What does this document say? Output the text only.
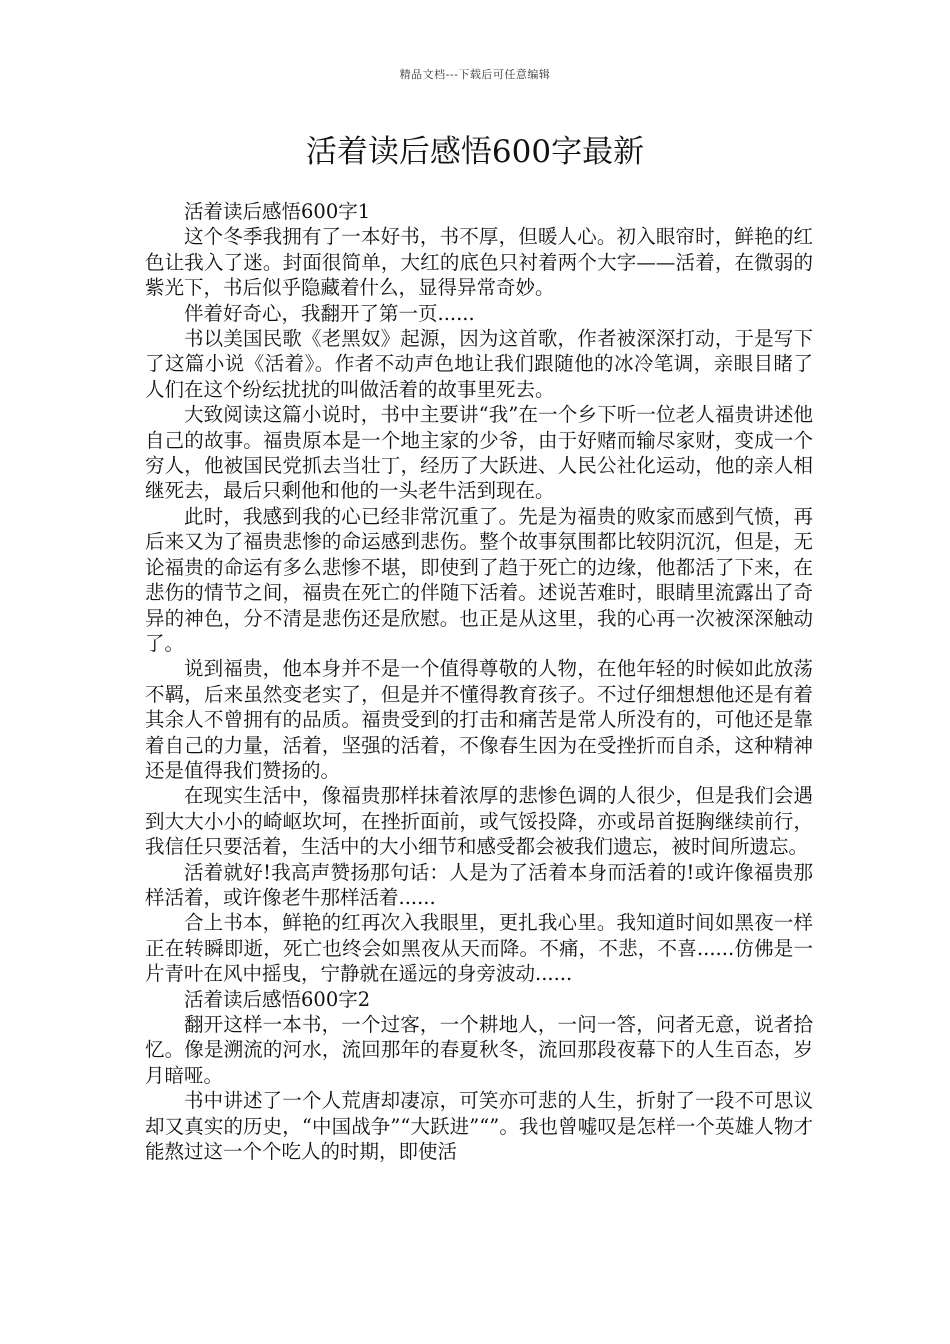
精品文档---下载后可任意编辑
活着读后感悟600字最新

活着读后感悟600字1

这个冬季我拥有了一本好书，书不厚，但暖人心。初入眼帘时，鲜艳的红色让我入了迷。封面很简单，大红的底色只衬着两个大字——活着，在微弱的紫光下，书后似乎隐藏着什么，显得异常奇妙。

伴着好奇心，我翻开了第一页......

书以美国民歌《老黑奴》起源，因为这首歌，作者被深深打动，于是写下了这篇小说《活着》。作者不动声色地让我们跟随他的冰冷笔调，亲眼目睹了人们在这个纷纭扰扰的叫做活着的故事里死去。

大致阅读这篇小说时，书中主要讲“我”在一个乡下听一位老人福贵讲述他自己的故事。福贵原本是一个地主家的少爷，由于好赌而输尽家财，变成一个穷人，他被国民党抓去当壮丁，经历了大跃进、人民公社化运动，他的亲人相继死去，最后只剩他和他的一头老牛活到现在。

此时，我感到我的心已经非常沉重了。先是为福贵的败家而感到气愤，再后来又为了福贵悲惨的命运感到悲伤。整个故事氛围都比较阴沉沉，但是，无论福贵的命运有多么悲惨不堪，即使到了趋于死亡的边缘，他都活了下来，在悲伤的情节之间，福贵在死亡的伴随下活着。述说苦难时，眼睛里流露出了奇异的神色，分不清是悲伤还是欣慰。也正是从这里，我的心再一次被深深触动了。

说到福贵，他本身并不是一个值得尊敬的人物，在他年轻的时候如此放荡不羁，后来虽然变老实了，但是并不懂得教育孩子。不过仔细想想他还是有着其余人不曾拥有的品质。福贵受到的打击和痛苦是常人所没有的，可他还是靠着自己的力量，活着，坚强的活着，不像春生因为在受挫折而自杀，这种精神还是值得我们赞扬的。

在现实生活中，像福贵那样抹着浓厚的悲惨色调的人很少，但是我们会遇到大大小小的崎岖坎坷，在挫折面前，或气馁投降，亦或昂首挺胸继续前行，我信任只要活着，生活中的大小细节和感受都会被我们遗忘，被时间所遗忘。

活着就好!我高声赞扬那句话：人是为了活着本身而活着的!或许像福贵那样活着，或许像老牛那样活着......

合上书本，鲜艳的红再次入我眼里，更扎我心里。我知道时间如黑夜一样正在转瞬即逝，死亡也终会如黑夜从天而降。不痛，不悲，不喜......仿佛是一片青叶在风中摇曳，宁静就在遥远的身旁波动......

活着读后感悟600字2

翻开这样一本书，一个过客，一个耕地人，一问一答，问者无意，说者拾忆。像是溯流的河水，流回那年的春夏秋冬，流回那段夜幕下的人生百态，岁月暗哑。

书中讲述了一个人荒唐却凄凉，可笑亦可悲的人生，折射了一段不可思议却又真实的历史，“中国战争”“大跃进”“”。我也曾嘘叹是怎样一个英雄人物才能熬过这一个个吃人的时期，即使活
